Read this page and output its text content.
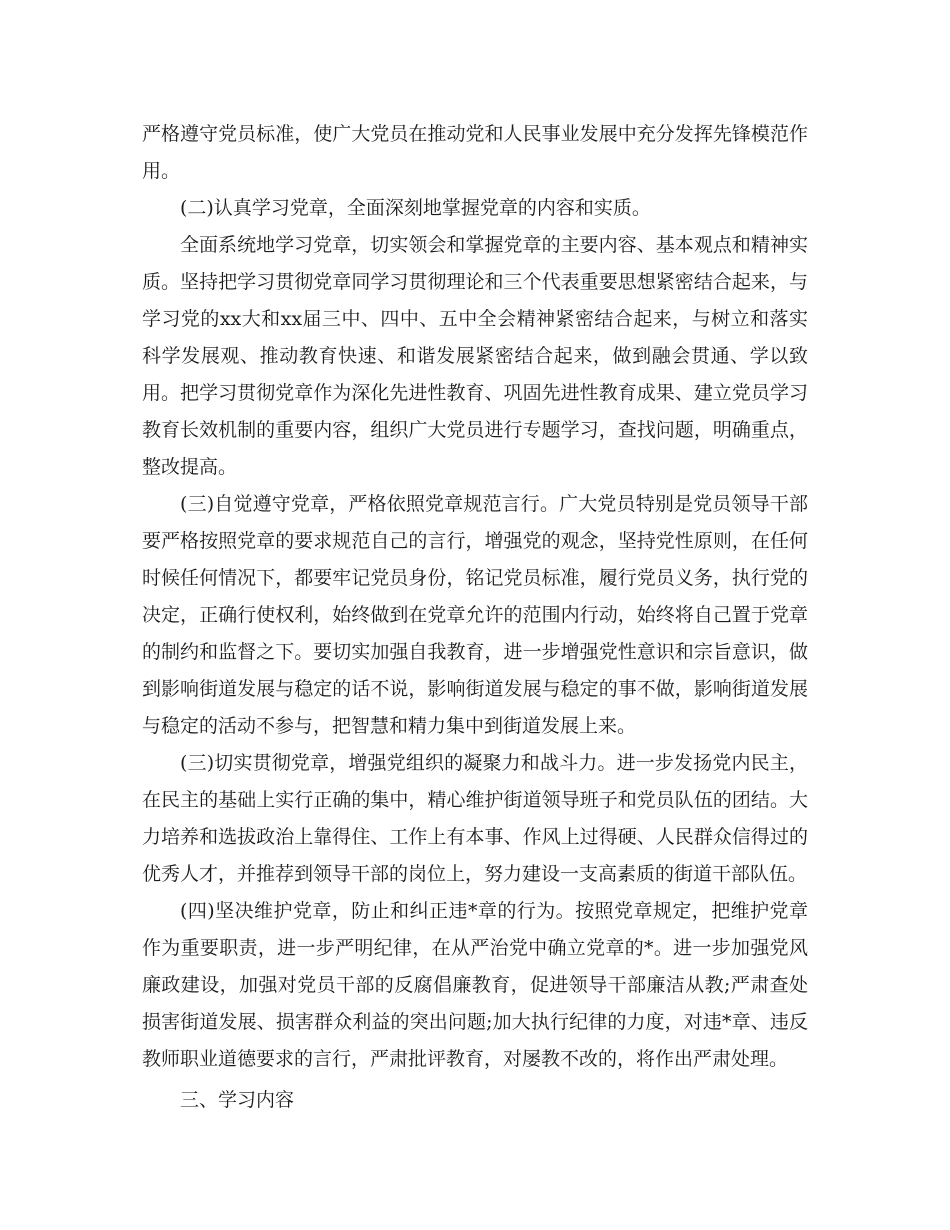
严格遵守党员标准，使广大党员在推动党和人民事业发展中充分发挥先锋模范作用。

(二)认真学习党章，全面深刻地掌握党章的内容和实质。

全面系统地学习党章，切实领会和掌握党章的主要内容、基本观点和精神实质。坚持把学习贯彻党章同学习贯彻理论和三个代表重要思想紧密结合起来，与学习党的xx大和xx届三中、四中、五中全会精神紧密结合起来，与树立和落实科学发展观、推动教育快速、和谐发展紧密结合起来，做到融会贯通、学以致用。把学习贯彻党章作为深化先进性教育、巩固先进性教育成果、建立党员学习教育长效机制的重要内容，组织广大党员进行专题学习，查找问题，明确重点，整改提高。

(三)自觉遵守党章，严格依照党章规范言行。广大党员特别是党员领导干部要严格按照党章的要求规范自己的言行，增强党的观念，坚持党性原则，在任何时候任何情况下，都要牢记党员身份，铭记党员标准，履行党员义务，执行党的决定，正确行使权利，始终做到在党章允许的范围内行动，始终将自己置于党章的制约和监督之下。要切实加强自我教育，进一步增强党性意识和宗旨意识，做到影响街道发展与稳定的话不说，影响街道发展与稳定的事不做，影响街道发展与稳定的活动不参与，把智慧和精力集中到街道发展上来。

(三)切实贯彻党章，增强党组织的凝聚力和战斗力。进一步发扬党内民主，在民主的基础上实行正确的集中，精心维护街道领导班子和党员队伍的团结。大力培养和选拔政治上靠得住、工作上有本事、作风上过得硬、人民群众信得过的优秀人才，并推荐到领导干部的岗位上，努力建设一支高素质的街道干部队伍。

(四)坚决维护党章，防止和纠正违*章的行为。按照党章规定，把维护党章作为重要职责，进一步严明纪律，在从严治党中确立党章的*。进一步加强党风廉政建设，加强对党员干部的反腐倡廉教育，促进领导干部廉洁从教;严肃查处损害街道发展、损害群众利益的突出问题;加大执行纪律的力度，对违*章、违反教师职业道德要求的言行，严肃批评教育，对屡教不改的，将作出严肃处理。

三、学习内容
